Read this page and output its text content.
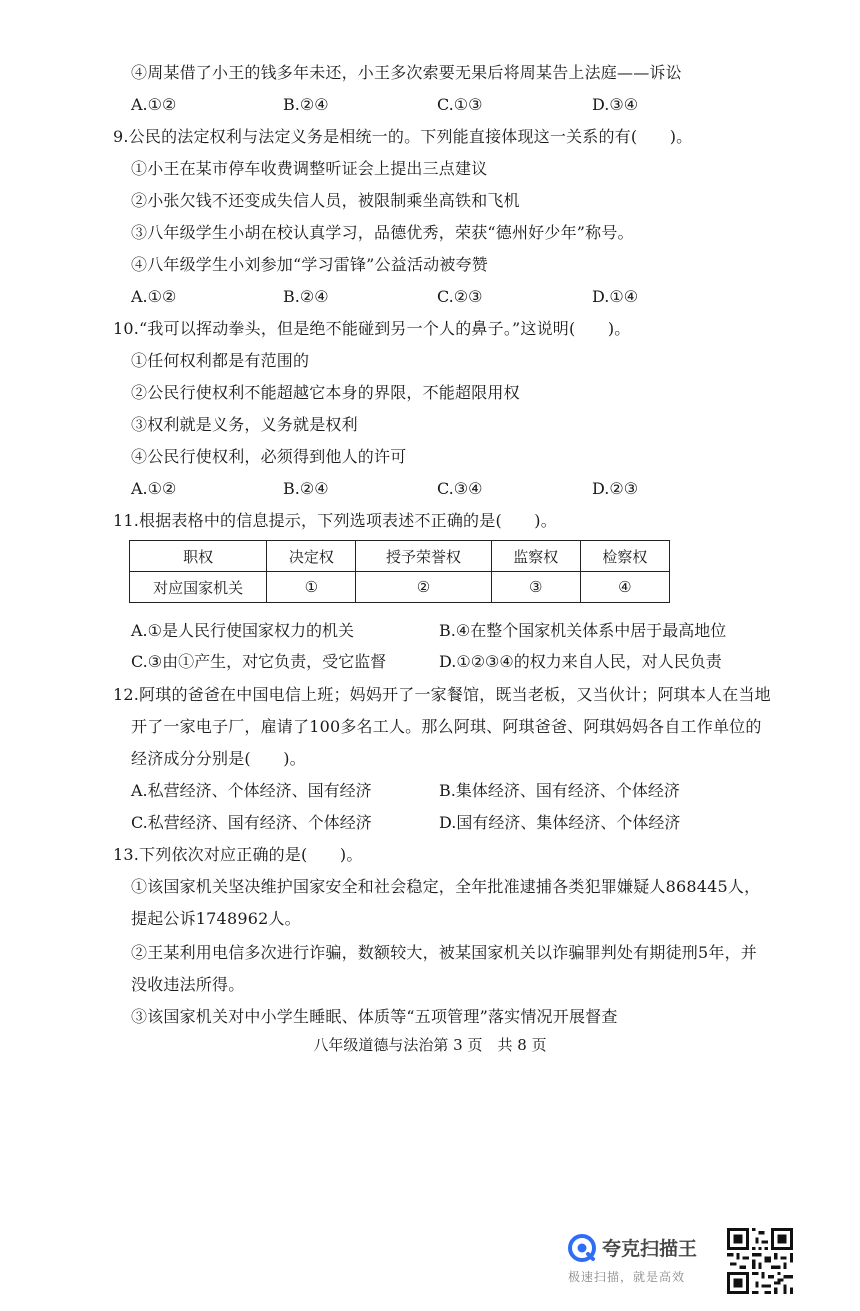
④周某借了小王的钱多年未还，小王多次索要无果后将周某告上法庭——诉讼
A.①②	B.②④	C.①③	D.③④
9.公民的法定权利与法定义务是相统一的。下列能直接体现这一关系的有(　　)。
①小王在某市停车收费调整听证会上提出三点建议
②小张欠钱不还变成失信人员，被限制乘坐高铁和飞机
③八年级学生小胡在校认真学习，品德优秀，荣获“德州好少年”称号。
④八年级学生小刘参加“学习雷锋”公益活动被夸赞
A.①②	B.②④	C.②③	D.①④
10.“我可以挥动拳头，但是绝不能碰到另一个人的鼻子。”这说明(　　)。
①任何权利都是有范围的
②公民行使权利不能超越它本身的界限，不能超限用权
③权利就是义务，义务就是权利
④公民行使权利，必须得到他人的许可
A.①②	B.②④	C.③④	D.②③
11.根据表格中的信息提示，下列选项表述不正确的是(　　)。
职权	决定权	授予荣誉权	监察权	检察权
对应国家机关	①	②	③	④
A.①是人民行使国家权力的机关	B.④在整个国家机关体系中居于最高地位
C.③由①产生，对它负责，受它监督	D.①②③④的权力来自人民，对人民负责
12.阿琪的爸爸在中国电信上班；妈妈开了一家餐馆，既当老板，又当伙计；阿琪本人在当地
开了一家电子厂，雇请了100多名工人。那么阿琪、阿琪爸爸、阿琪妈妈各自工作单位的
经济成分分别是(　　)。
A.私营经济、个体经济、国有经济	B.集体经济、国有经济、个体经济
C.私营经济、国有经济、个体经济	D.国有经济、集体经济、个体经济
13.下列依次对应正确的是(　　)。
①该国家机关坚决维护国家安全和社会稳定，全年批准逮捕各类犯罪嫌疑人868445人，
提起公诉1748962人。
②王某利用电信多次进行诈骗，数额较大，被某国家机关以诈骗罪判处有期徒刑5年，并
没收违法所得。
③该国家机关对中小学生睡眠、体质等“五项管理”落实情况开展督查
八年级道德与法治第 3 页　共 8 页
夸克扫描王
极速扫描，就是高效
